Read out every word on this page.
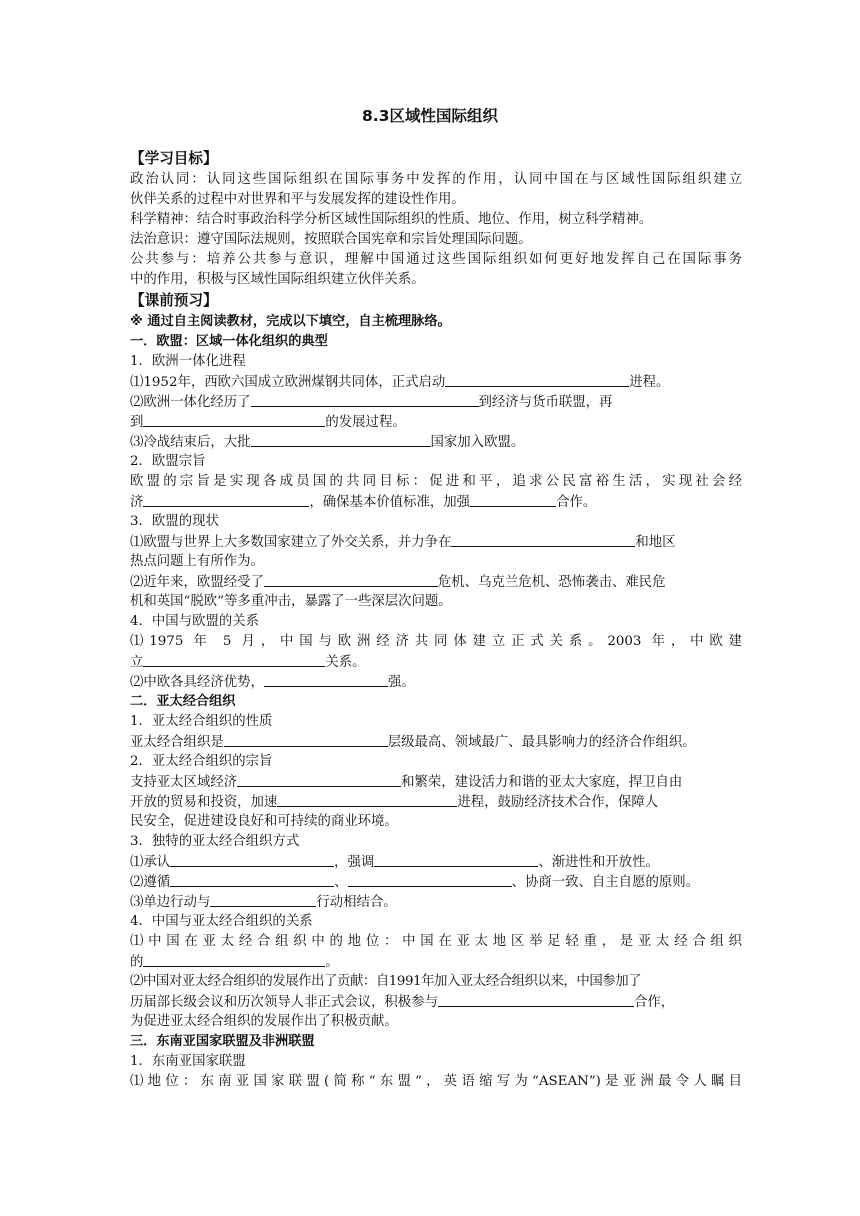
8.3区域性国际组织
【学习目标】
政治认同：认同这些国际组织在国际事务中发挥的作用，认同中国在与区域性国际组织建立
伙伴关系的过程中对世界和平与发展发挥的建设性作用。
科学精神：结合时事政治科学分析区域性国际组织的性质、地位、作用，树立科学精神。
法治意识：遵守国际法规则，按照联合国宪章和宗旨处理国际问题。
公共参与：培养公共参与意识，理解中国通过这些国际组织如何更好地发挥自己在国际事务
中的作用，积极与区域性国际组织建立伙伴关系。
【课前预习】
※ 通过自主阅读教材，完成以下填空，自主梳理脉络。
一．欧盟：区域一体化组织的典型
1．欧洲一体化进程
⑴1952年，西欧六国成立欧洲煤钢共同体，正式启动	进程。
⑵欧洲一体化经历了	到经济与货币联盟，再
到	的发展过程。
⑶冷战结束后，大批	国家加入欧盟。
2．欧盟宗旨
欧盟的宗旨是实现各成员国的共同目标：促进和平，追求公民富裕生活，实现社会经
济	，确保基本价值标准，加强	合作。
3．欧盟的现状
⑴欧盟与世界上大多数国家建立了外交关系，并力争在	和地区
热点问题上有所作为。
⑵近年来，欧盟经受了	危机、乌克兰危机、恐怖袭击、难民危
机和英国“脱欧”等多重冲击，暴露了一些深层次问题。
4．中国与欧盟的关系
⑴1975 年 5 月，中国与欧洲经济共同体建立正式关系。2003 年，中欧建
立	关系。
⑵中欧各具经济优势，	强。
二．亚太经合组织
1．亚太经合组织的性质
亚太经合组织是	层级最高、领域最广、最具影响力的经济合作组织。
2．亚太经合组织的宗旨
支持亚太区域经济	和繁荣，建设活力和谐的亚太大家庭，捍卫自由
开放的贸易和投资，加速	进程，鼓励经济技术合作，保障人
民安全，促进建设良好和可持续的商业环境。
3．独特的亚太经合组织方式
⑴承认	，强调	、渐进性和开放性。
⑵遵循	、	、协商一致、自主自愿的原则。
⑶单边行动与	行动相结合。
4．中国与亚太经合组织的关系
⑴中国在亚太经合组织中的地位：中国在亚太地区举足轻重，是亚太经合组织
的	。
⑵中国对亚太经合组织的发展作出了贡献：自1991年加入亚太经合组织以来，中国参加了
历届部长级会议和历次领导人非正式会议，积极参与	合作，
为促进亚太经合组织的发展作出了积极贡献。
三．东南亚国家联盟及非洲联盟
1．东南亚国家联盟
⑴地位：东南亚国家联盟(简称“东盟”，英语缩写为“ASEAN”)是亚洲最令人瞩目
